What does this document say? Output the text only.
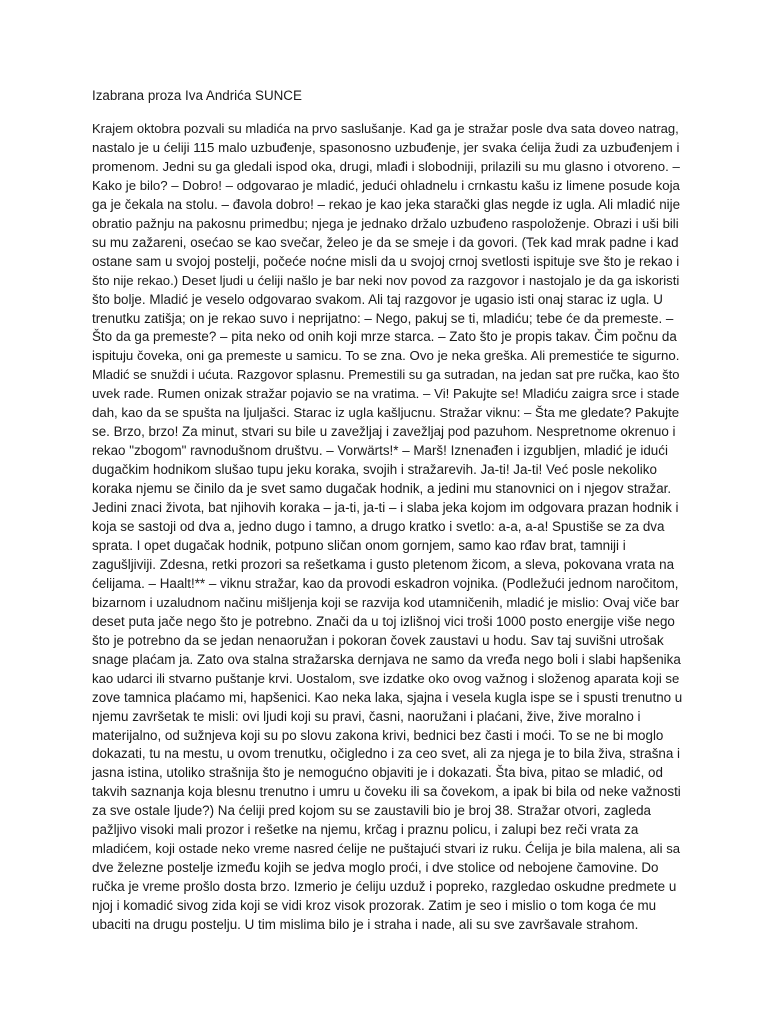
Izabrana proza Iva Andrića SUNCE
Krajem oktobra pozvali su mladića na prvo saslušanje. Kad ga je stražar posle dva sata doveo natrag,
nastalo je u ćeliji 115 malo uzbuđenje, spasonosno uzbuđenje, jer svaka ćelija žudi za uzbuđenjem i
promenom. Jedni su ga gledali ispod oka, drugi, mlađi i slobodniji, prilazili su mu glasno i otvoreno. –
Kako je bilo? – Dobro! – odgovarao je mladić, jedući ohladnelu i crnkastu kašu iz limene posude koja
ga je čekala na stolu. – đavola dobro! – rekao je kao jeka starački glas negde iz ugla. Ali mladić nije
obratio pažnju na pakosnu primedbu; njega je jednako držalo uzbuđeno raspoloženje. Obrazi i uši bili
su mu zažareni, osećao se kao svečar, želeo je da se smeje i da govori. (Tek kad mrak padne i kad
ostane sam u svojoj postelji, počeće noćne misli da u svojoj crnoj svetlosti ispituje sve što je rekao i
što nije rekao.) Deset ljudi u ćeliji našlo je bar neki nov povod za razgovor i nastojalo je da ga iskoristi
što bolje. Mladić je veselo odgovarao svakom. Ali taj razgovor je ugasio isti onaj starac iz ugla. U
trenutku zatišja; on je rekao suvo i neprijatno: – Nego, pakuj se ti, mladiću; tebe će da premeste. –
Što da ga premeste? – pita neko od onih koji mrze starca. – Zato što je propis takav. Čim počnu da
ispituju čoveka, oni ga premeste u samicu. To se zna. Ovo je neka greška. Ali premestiće te sigurno.
Mladić se snuždi i ućuta. Razgovor splasnu. Premestili su ga sutradan, na jedan sat pre ručka, kao što
uvek rade. Rumen onizak stražar pojavio se na vratima. – Vi! Pakujte se! Mladiću zaigra srce i stade
dah, kao da se spušta na ljuljašci. Starac iz ugla kašljucnu. Stražar viknu: – Šta me gledate? Pakujte
se. Brzo, brzo! Za minut, stvari su bile u zavežljaj i zavežljaj pod pazuhom. Nespretnome okrenuo i
rekao "zbogom" ravnodušnom društvu. – Vorwärts!* – Marš! Iznenađen i izgubljen, mladić je idući
dugačkim hodnikom slušao tupu jeku koraka, svojih i stražarevih. Ja-ti! Ja-ti! Već posle nekoliko
koraka njemu se činilo da je svet samo dugačak hodnik, a jedini mu stanovnici on i njegov stražar.
Jedini znaci života, bat njihovih koraka – ja-ti, ja-ti – i slaba jeka kojom im odgovara prazan hodnik i
koja se sastoji od dva a, jedno dugo i tamno, a drugo kratko i svetlo: a-a, a-a! Spustiše se za dva
sprata. I opet dugačak hodnik, potpuno sličan onom gornjem, samo kao rđav brat, tamniji i
zagušljiviji. Zdesna, retki prozori sa rešetkama i gusto pletenom žicom, a sleva, pokovana vrata na
ćelijama. – Haalt!** – viknu stražar, kao da provodi eskadron vojnika. (Podležući jednom naročitom,
bizarnom i uzaludnom načinu mišljenja koji se razvija kod utamničenih, mladić je mislio: Ovaj viče bar
deset puta jače nego što je potrebno. Znači da u toj izlišnoj vici troši 1000 posto energije više nego
što je potrebno da se jedan nenaoružan i pokoran čovek zaustavi u hodu. Sav taj suvišni utrošak
snage plaćam ja. Zato ova stalna stražarska dernjava ne samo da vređa nego boli i slabi hapšenika
kao udarci ili stvarno puštanje krvi. Uostalom, sve izdatke oko ovog važnog i složenog aparata koji se
zove tamnica plaćamo mi, hapšenici. Kao neka laka, sjajna i vesela kugla ispe se i spusti trenutno u
njemu završetak te misli: ovi ljudi koji su pravi, časni, naoružani i plaćani, žive, žive moralno i
materijalno, od sužnjeva koji su po slovu zakona krivi, bednici bez časti i moći. To se ne bi moglo
dokazati, tu na mestu, u ovom trenutku, očigledno i za ceo svet, ali za njega je to bila živa, strašna i
jasna istina, utoliko strašnija što je nemogućno objaviti je i dokazati. Šta biva, pitao se mladić, od
takvih saznanja koja blesnu trenutno i umru u čoveku ili sa čovekom, a ipak bi bila od neke važnosti
za sve ostale ljude?) Na ćeliji pred kojom su se zaustavili bio je broj 38. Stražar otvori, zagleda
pažljivo visoki mali prozor i rešetke na njemu, krčag i praznu policu, i zalupi bez reči vrata za
mladićem, koji ostade neko vreme nasred ćelije ne puštajući stvari iz ruku. Ćelija je bila malena, ali sa
dve železne postelje između kojih se jedva moglo proći, i dve stolice od nebojene čamovine. Do
ručka je vreme prošlo dosta brzo. Izmerio je ćeliju uzduž i popreko, razgledao oskudne predmete u
njoj i komadić sivog zida koji se vidi kroz visok prozorak. Zatim je seo i mislio o tom koga će mu
ubaciti na drugu postelju. U tim mislima bilo je i straha i nade, ali su sve završavale strahom.
